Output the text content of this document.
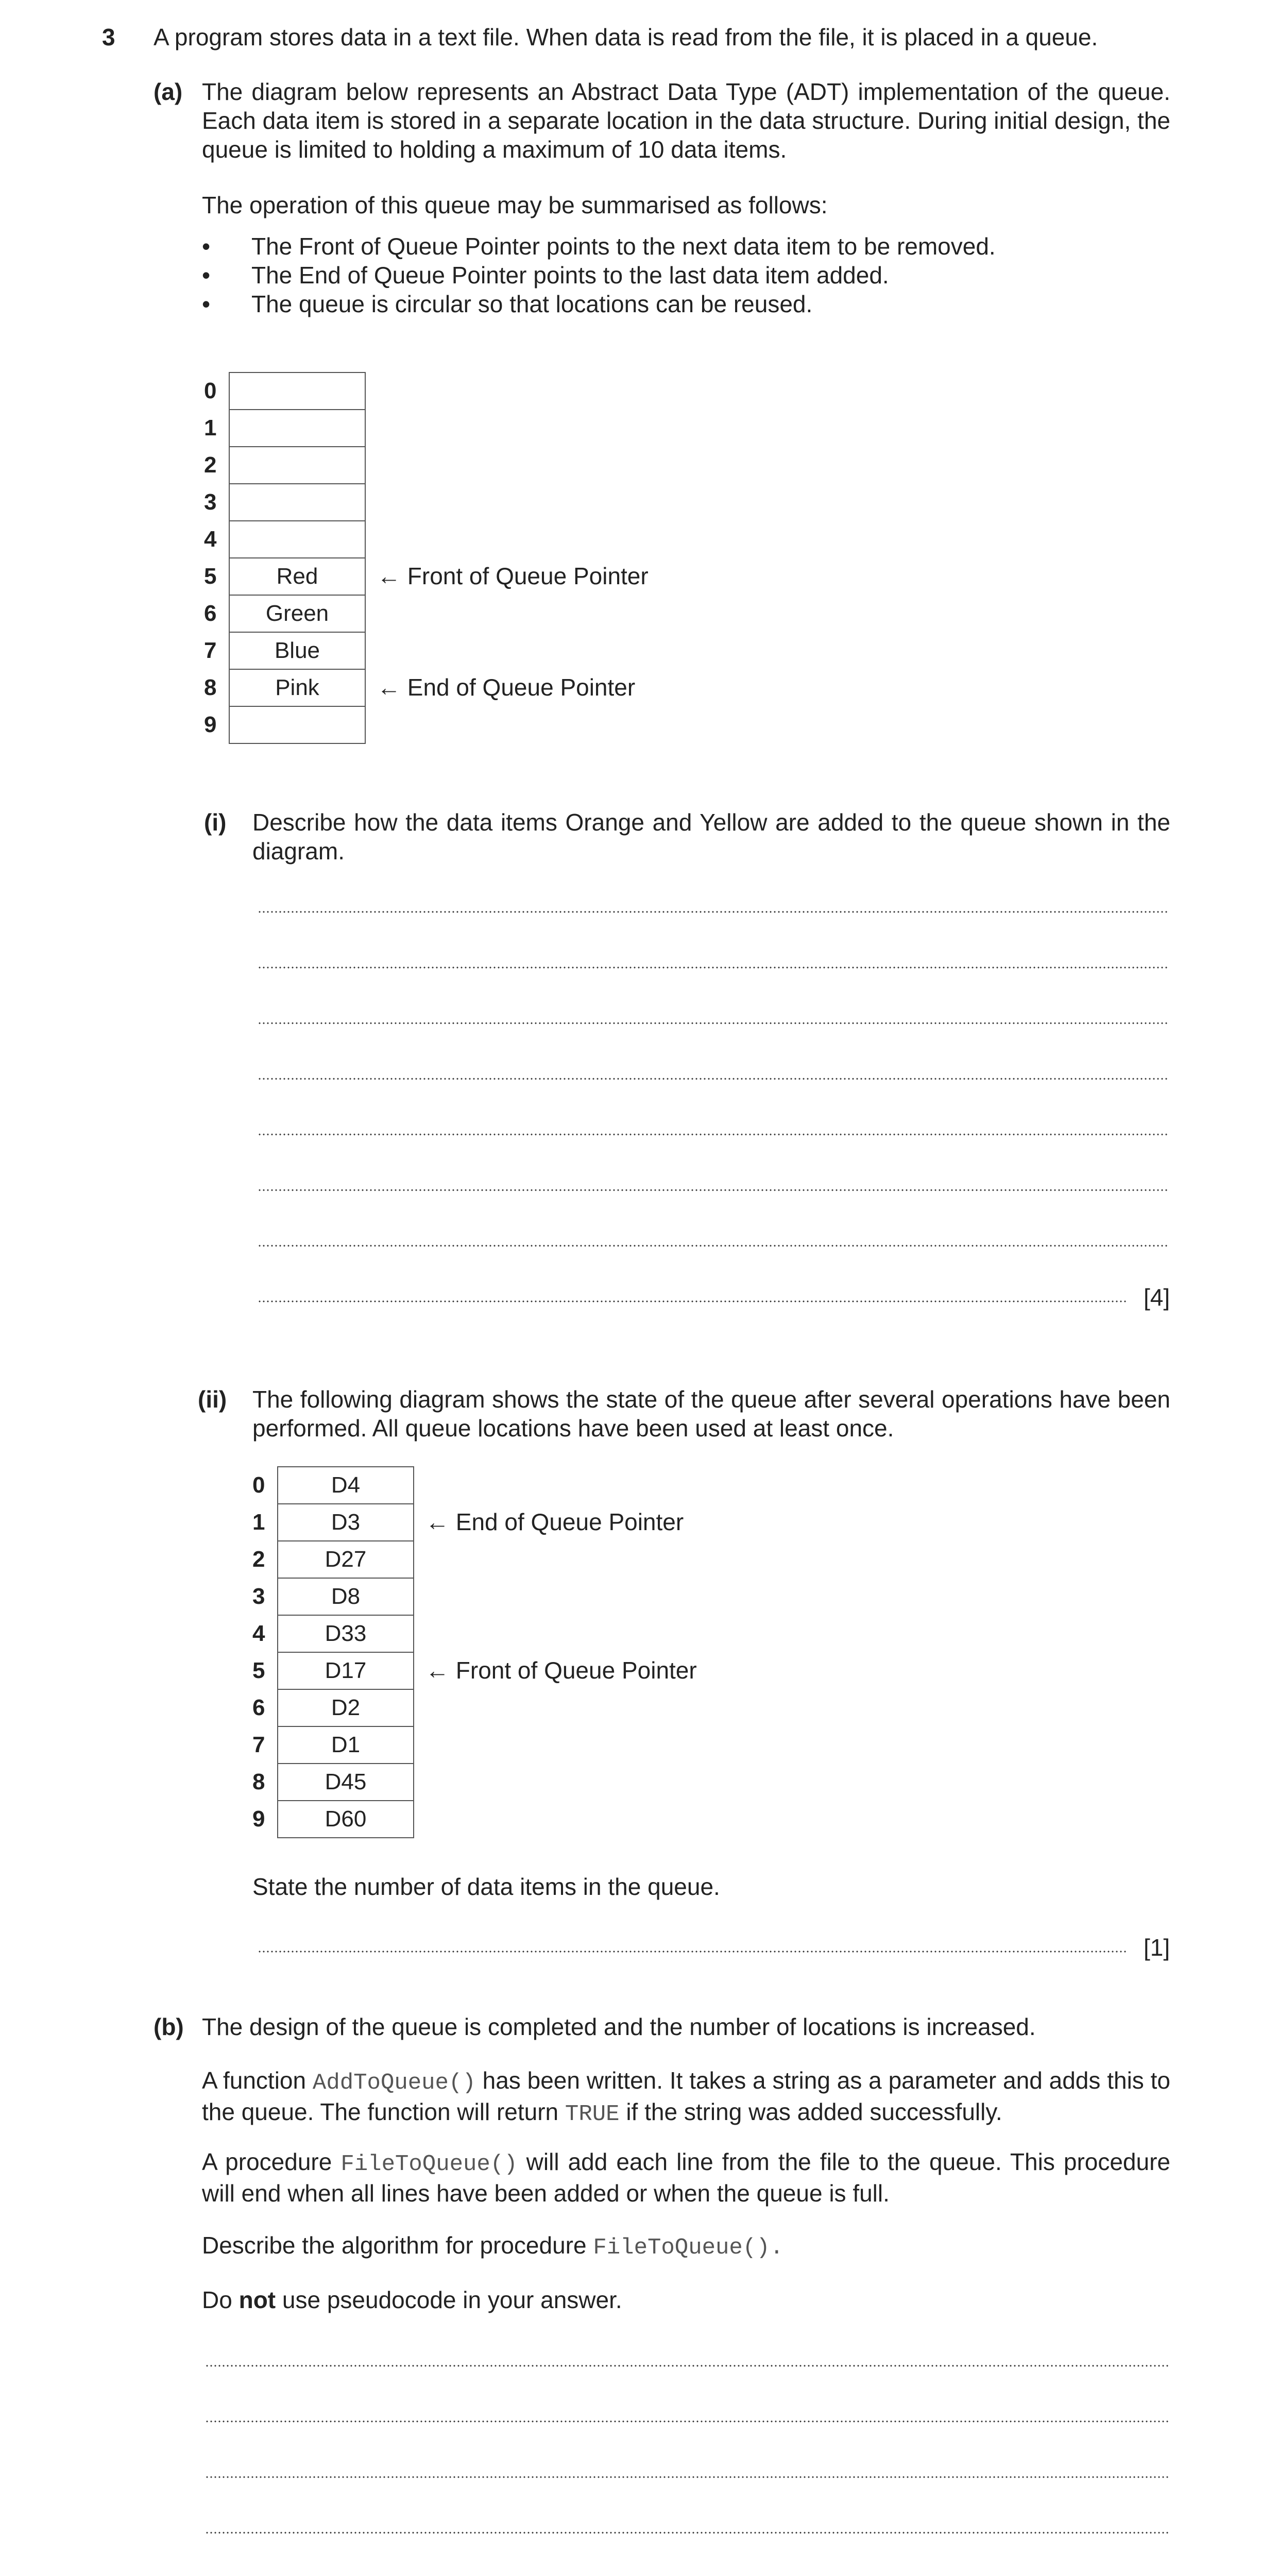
3 A program stores data in a text file. When data is read from the file, it is placed in a queue.
(a) The diagram below represents an Abstract Data Type (ADT) implementation of the queue. Each data item is stored in a separate location in the data structure. During initial design, the queue is limited to holding a maximum of 10 data items.

The operation of this queue may be summarised as follows:

• The Front of Queue Pointer points to the next data item to be removed.
• The End of Queue Pointer points to the last data item added.
• The queue is circular so that locations can be reused.
0	
1	
2	
3	
4	
5	Red
6	Green
7	Blue
8	Pink
9	
← Front of Queue Pointer
← End of Queue Pointer
(i) Describe how the data items Orange and Yellow are added to the queue shown in the diagram.

[4]
(ii) The following diagram shows the state of the queue after several operations have been performed. All queue locations have been used at least once.

0	D4
1	D3
2	D27
3	D8
4	D33
5	D17
6	D2
7	D1
8	D45
9	D60
← End of Queue Pointer
← Front of Queue Pointer

State the number of data items in the queue.

[1]
(b) The design of the queue is completed and the number of locations is increased.

A function AddToQueue() has been written. It takes a string as a parameter and adds this to the queue. The function will return TRUE if the string was added successfully.

A procedure FileToQueue() will add each line from the file to the queue. This procedure will end when all lines have been added or when the queue is full.

Describe the algorithm for procedure FileToQueue().

Do not use pseudocode in your answer.
